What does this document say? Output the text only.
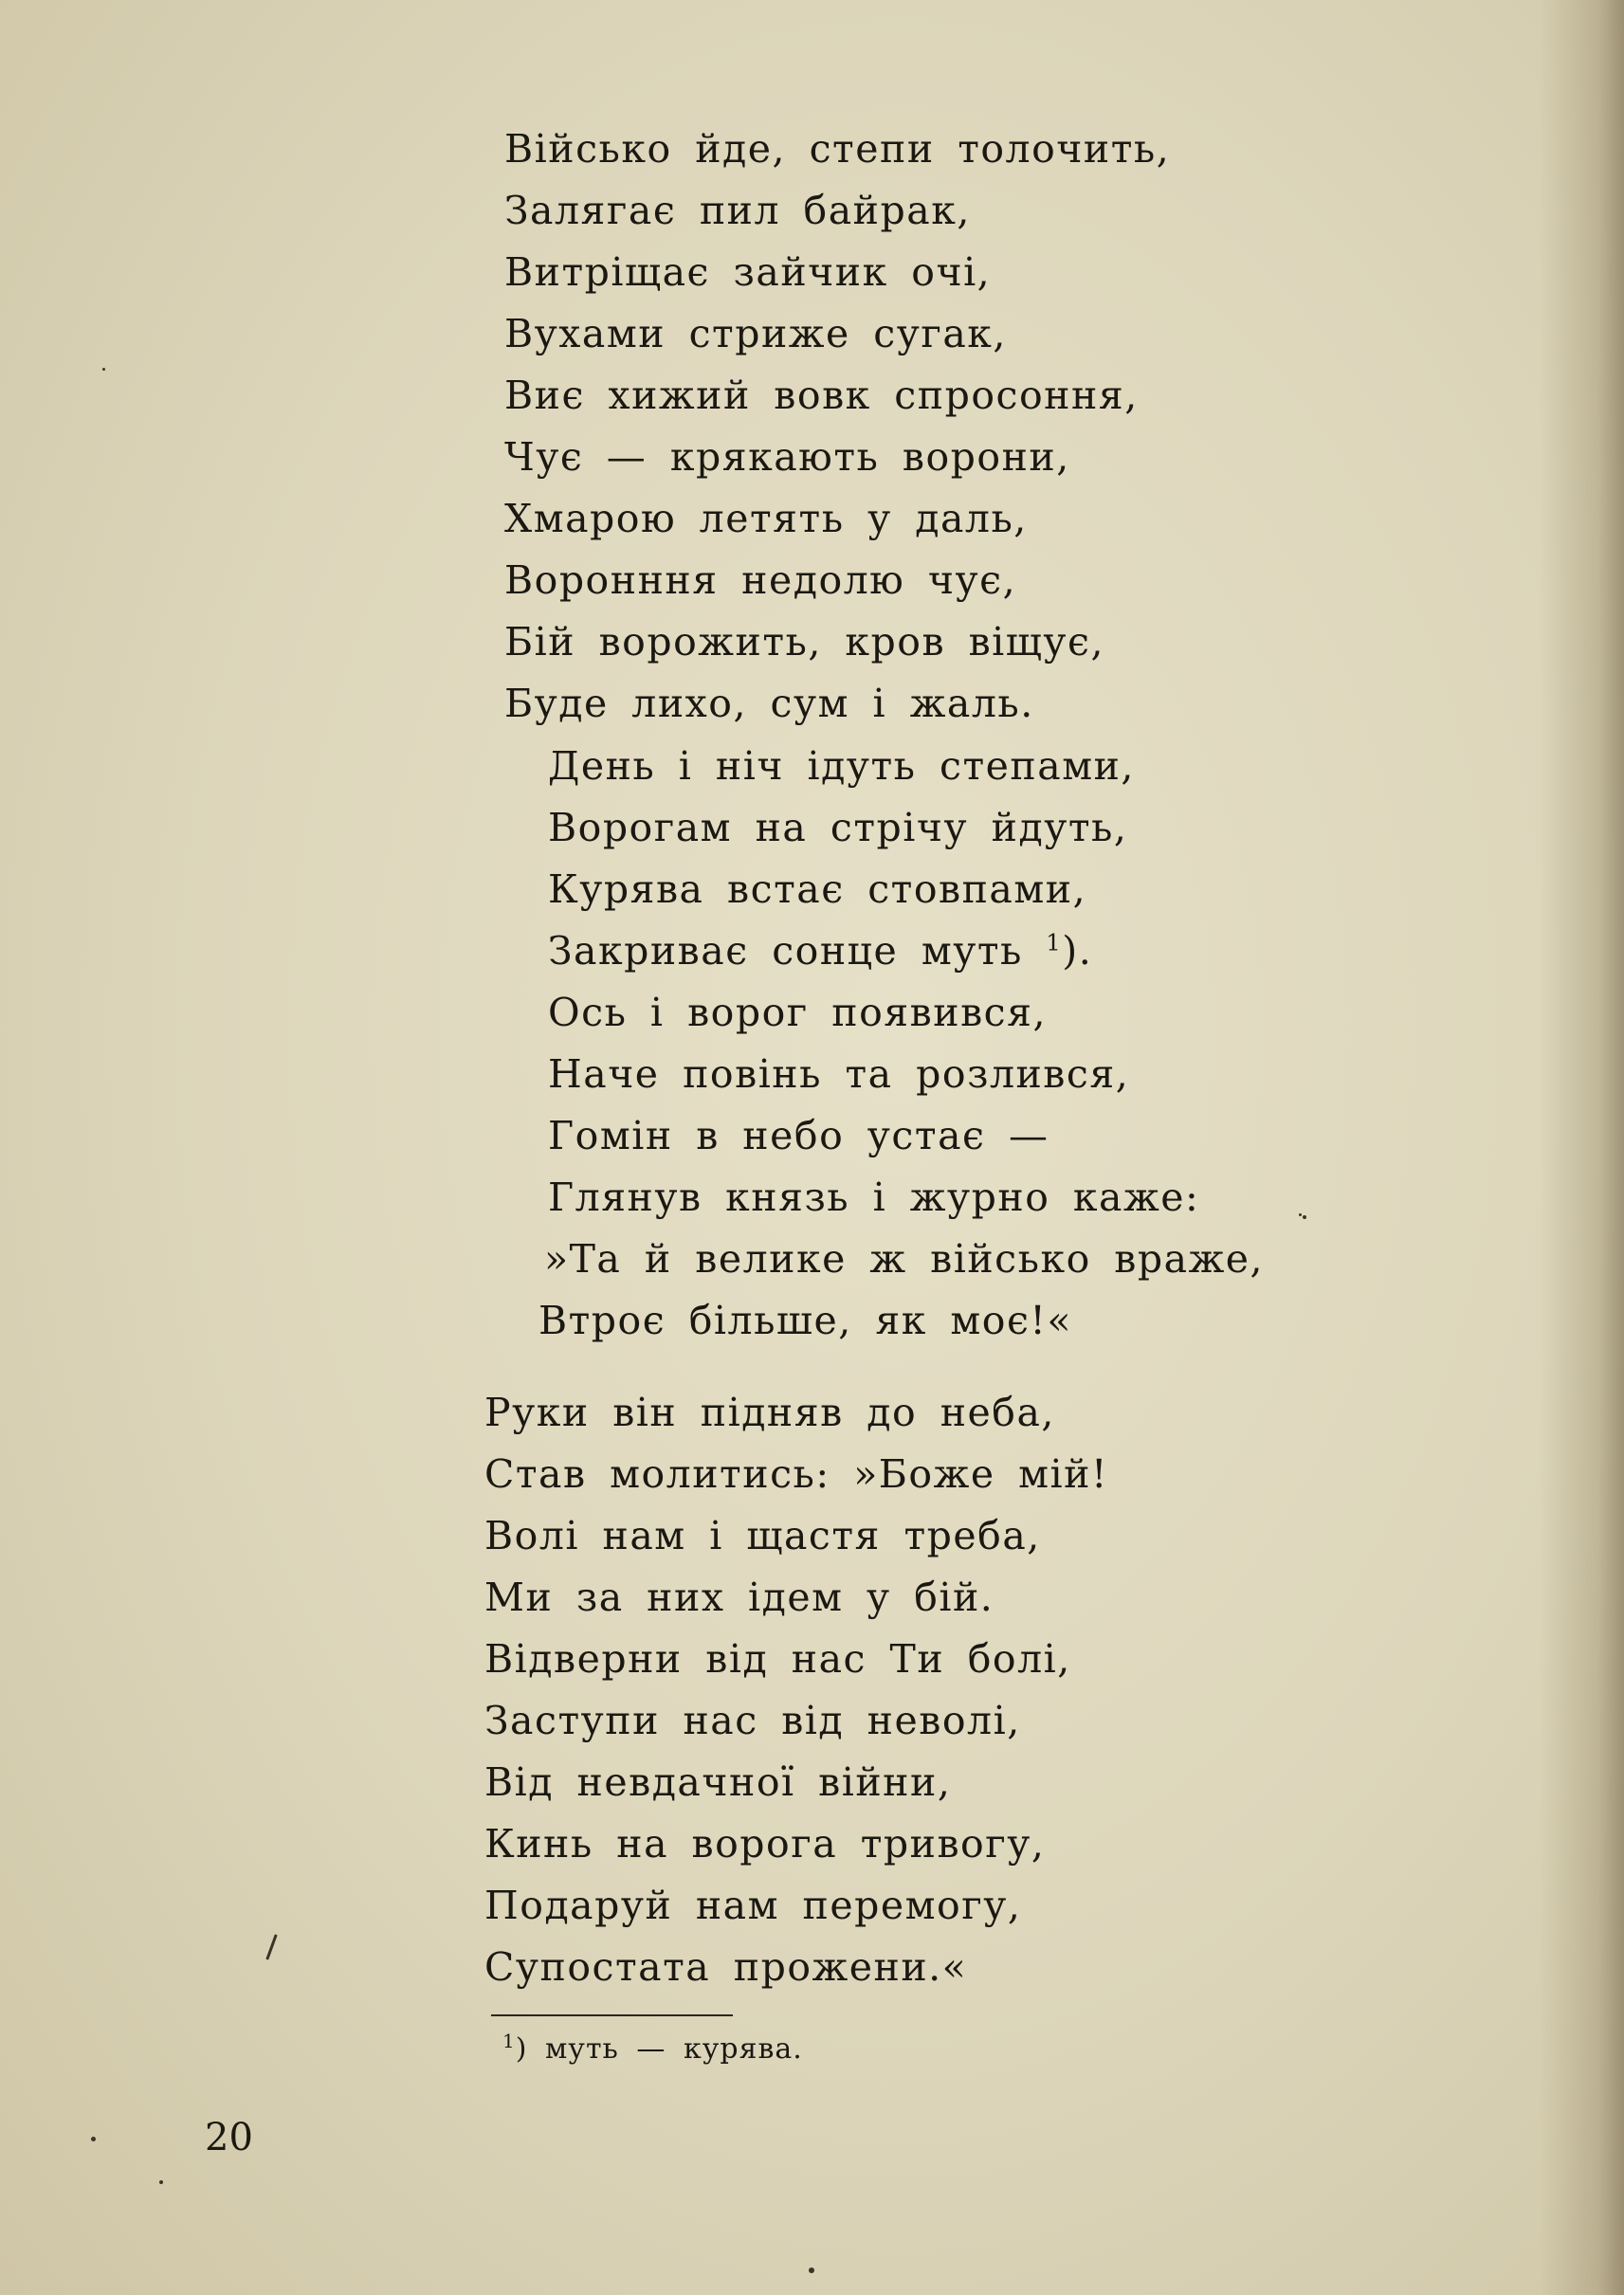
Військо йде, степи толочить,
Залягає пил байрак,
Витріщає зайчик очі,
Вухами стриже сугак,
Виє хижий вовк спросоння,
Чує — крякають ворони,
Хмарою летять у даль,
Воронння недолю чує,
Бій ворожить, кров віщує,
Буде лихо, сум і жаль.
День і ніч ідуть степами,
Ворогам на стрічу йдуть,
Курява встає стовпами,
Закриває сонце муть $^1$).
Ось і ворог появився,
Наче повінь та розлився,
Гомін в небо устає —
Глянув князь і журно каже:
»Та й велике ж військо враже,
Втроє більше, як моє!«
Руки він підняв до неба,
Став молитись: »Боже мій!
Волі нам і щастя треба,
Ми за них ідем у бій.
Відверни від нас Ти болі,
Заступи нас від неволі,
Від невдачної війни,
Кинь на ворога тривогу,
Подаруй нам перемогу,
Супостата прожени.«
$^1$) муть — курява.
20
